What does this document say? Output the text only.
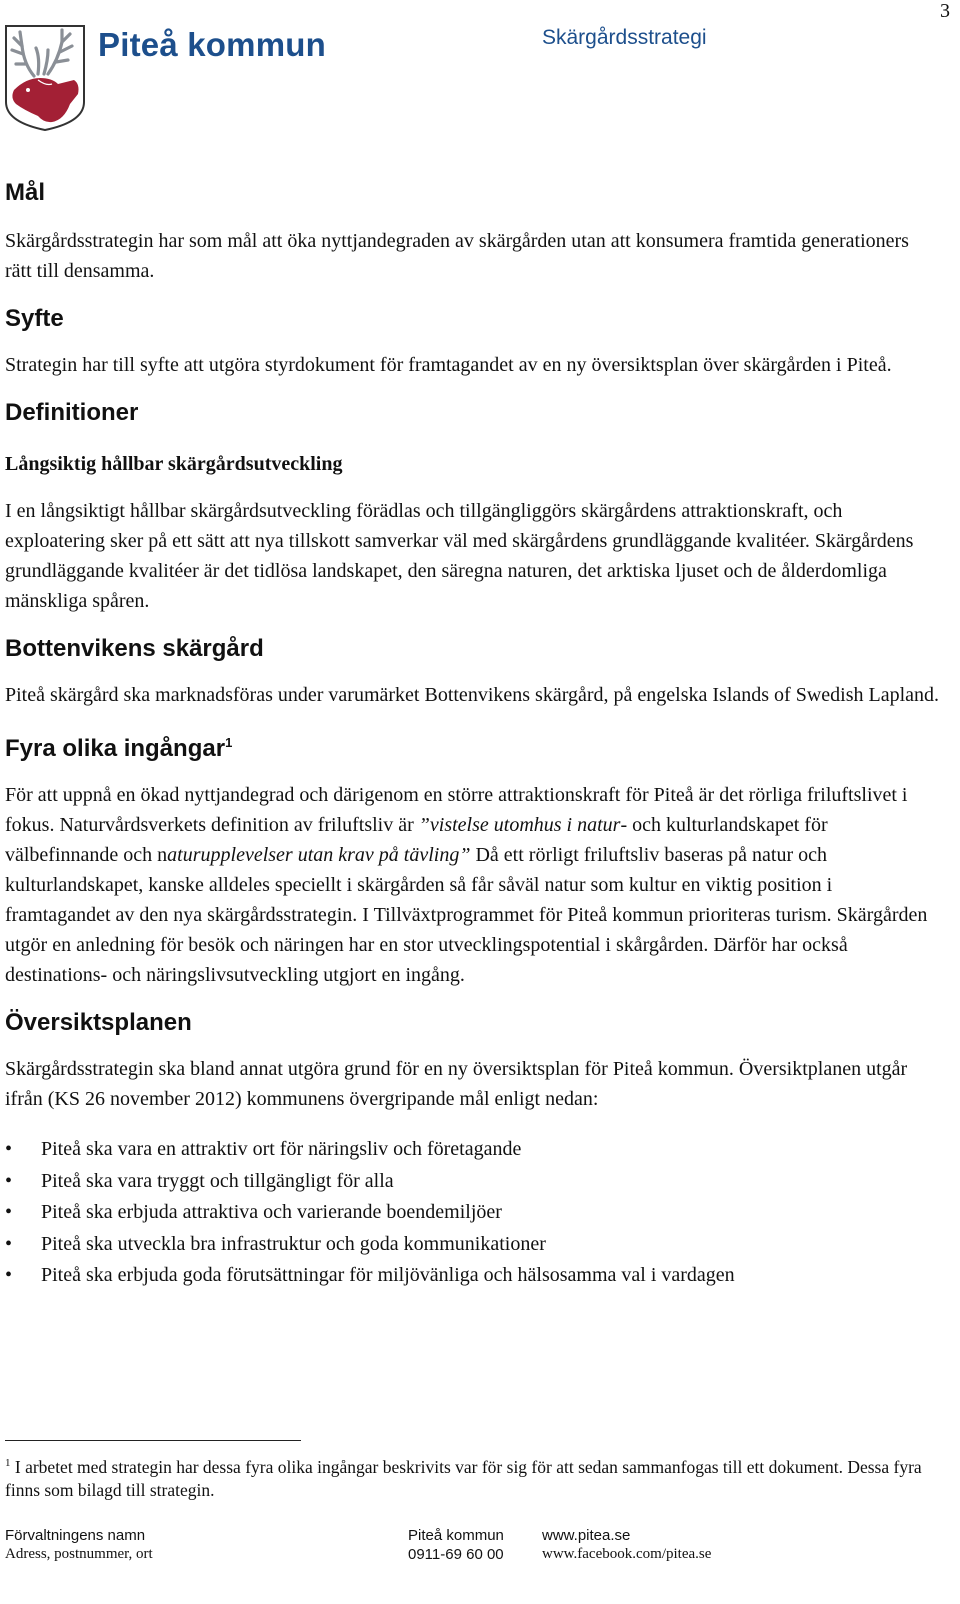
3
Piteå kommun	Skärgårdsstrategi
Mål

Skärgårdsstrategin har som mål att öka nyttjandegraden av skärgården utan att konsumera framtida generationers rätt till densamma.

Syfte

Strategin har till syfte att utgöra styrdokument för framtagandet av en ny översiktsplan över skärgården i Piteå.

Definitioner
Långsiktig hållbar skärgårdsutveckling

I en långsiktigt hållbar skärgårdsutveckling förädlas och tillgängliggörs skärgårdens attraktionskraft, och exploatering sker på ett sätt att nya tillskott samverkar väl med skärgårdens grundläggande kvalitéer. Skärgårdens grundläggande kvalitéer är det tidlösa landskapet, den säregna naturen, det arktiska ljuset och de ålderdomliga mänskliga spåren.

Bottenvikens skärgård

Piteå skärgård ska marknadsföras under varumärket Bottenvikens skärgård, på engelska Islands of Swedish Lapland.

Fyra olika ingångar$^1$

För att uppnå en ökad nyttjandegrad och därigenom en större attraktionskraft för Piteå är det rörliga friluftslivet i fokus. Naturvårdsverkets definition av friluftsliv är ”vistelse utomhus i natur- och kulturlandskapet för välbefinnande och naturupplevelser utan krav på tävling” Då ett rörligt friluftsliv baseras på natur och kulturlandskapet, kanske alldeles speciellt i skärgården så får såväl natur som kultur en viktig position i framtagandet av den nya skärgårdsstrategin. I Tillväxtprogrammet för Piteå kommun prioriteras turism. Skärgården utgör en anledning för besök och näringen har en stor utvecklingspotential i skårgården. Därför har också destinations- och näringslivsutveckling utgjort en ingång.

Översiktsplanen

Skärgårdsstrategin ska bland annat utgöra grund för en ny översiktsplan för Piteå kommun. Översiktplanen utgår ifrån (KS 26 november 2012) kommunens övergripande mål enligt nedan:

• Piteå ska vara en attraktiv ort för näringsliv och företagande
• Piteå ska vara tryggt och tillgängligt för alla
• Piteå ska erbjuda attraktiva och varierande boendemiljöer
• Piteå ska utveckla bra infrastruktur och goda kommunikationer
• Piteå ska erbjuda goda förutsättningar för miljövänliga och hälsosamma val i vardagen
$^1$ I arbetet med strategin har dessa fyra olika ingångar beskrivits var för sig för att sedan sammanfogas till ett dokument. Dessa fyra finns som bilagd till strategin.
Förvaltningens namn
Adress, postnummer, ort
Piteå kommun
0911-69 60 00
www.pitea.se
www.facebook.com/pitea.se
